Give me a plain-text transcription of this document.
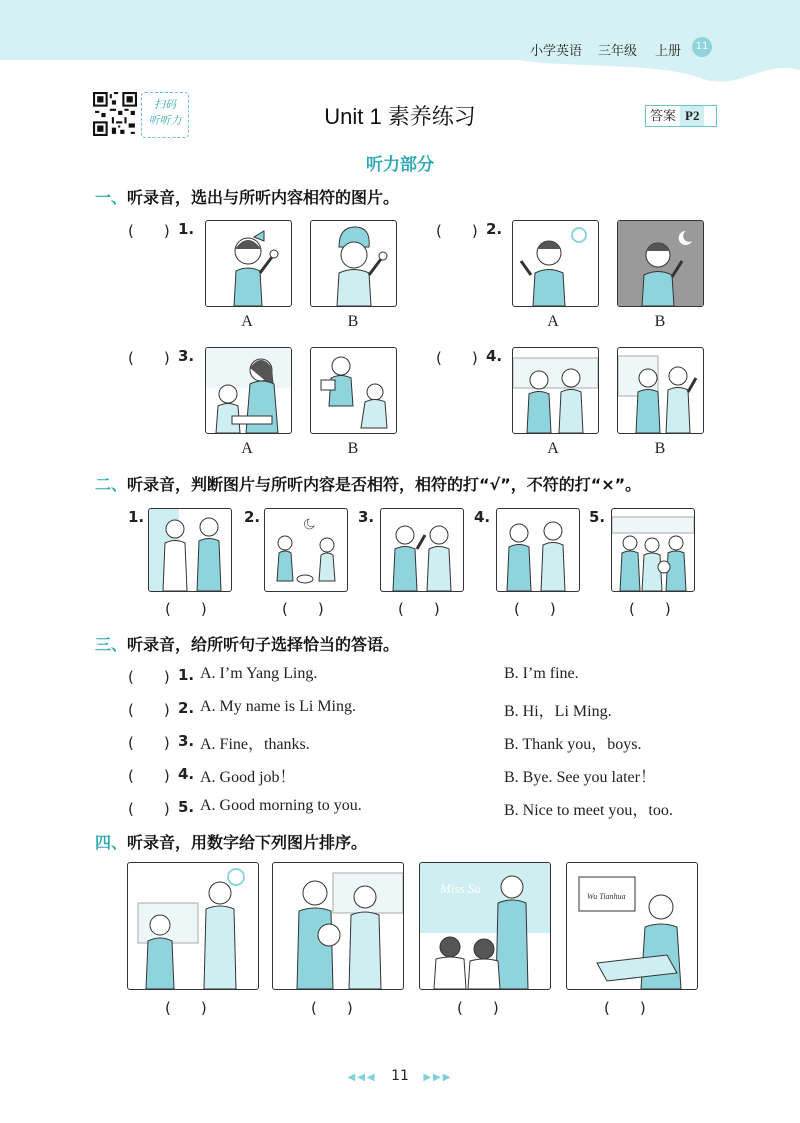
小学英语 三年级 上册	11
扫码
听听力	Unit 1 素养练习	答案 P2
听力部分
一、听录音，选出与所听内容相符的图片。
(　　) 1.
A	B
(　　) 2.
A	B
(　　) 3.
A	B
(　　) 4.
A	B
二、听录音，判断图片与所听内容是否相符，相符的打“√”，不符的打“×”。
1.
(　　)
2.
(　　)
3.
(　　)
4.
(　　)
5.
(　　)
三、听录音，给所听句子选择恰当的答语。
(　　) 1. A. I’m Yang Ling.	B. I’m fine.
(　　) 2. A. My name is Li Ming.	B. Hi，Li Ming.
(　　) 3. A. Fine，thanks.	B. Thank you，boys.
(　　) 4. A. Good job！	B. Bye. See you later！
(　　) 5. A. Good morning to you.	B. Nice to meet you，too.
四、听录音，用数字给下列图片排序。
(　　)	(　　)
Miss Su
(　　)
Wu Tianhua
(　　)
◀◀◀ 11 ▶▶▶
